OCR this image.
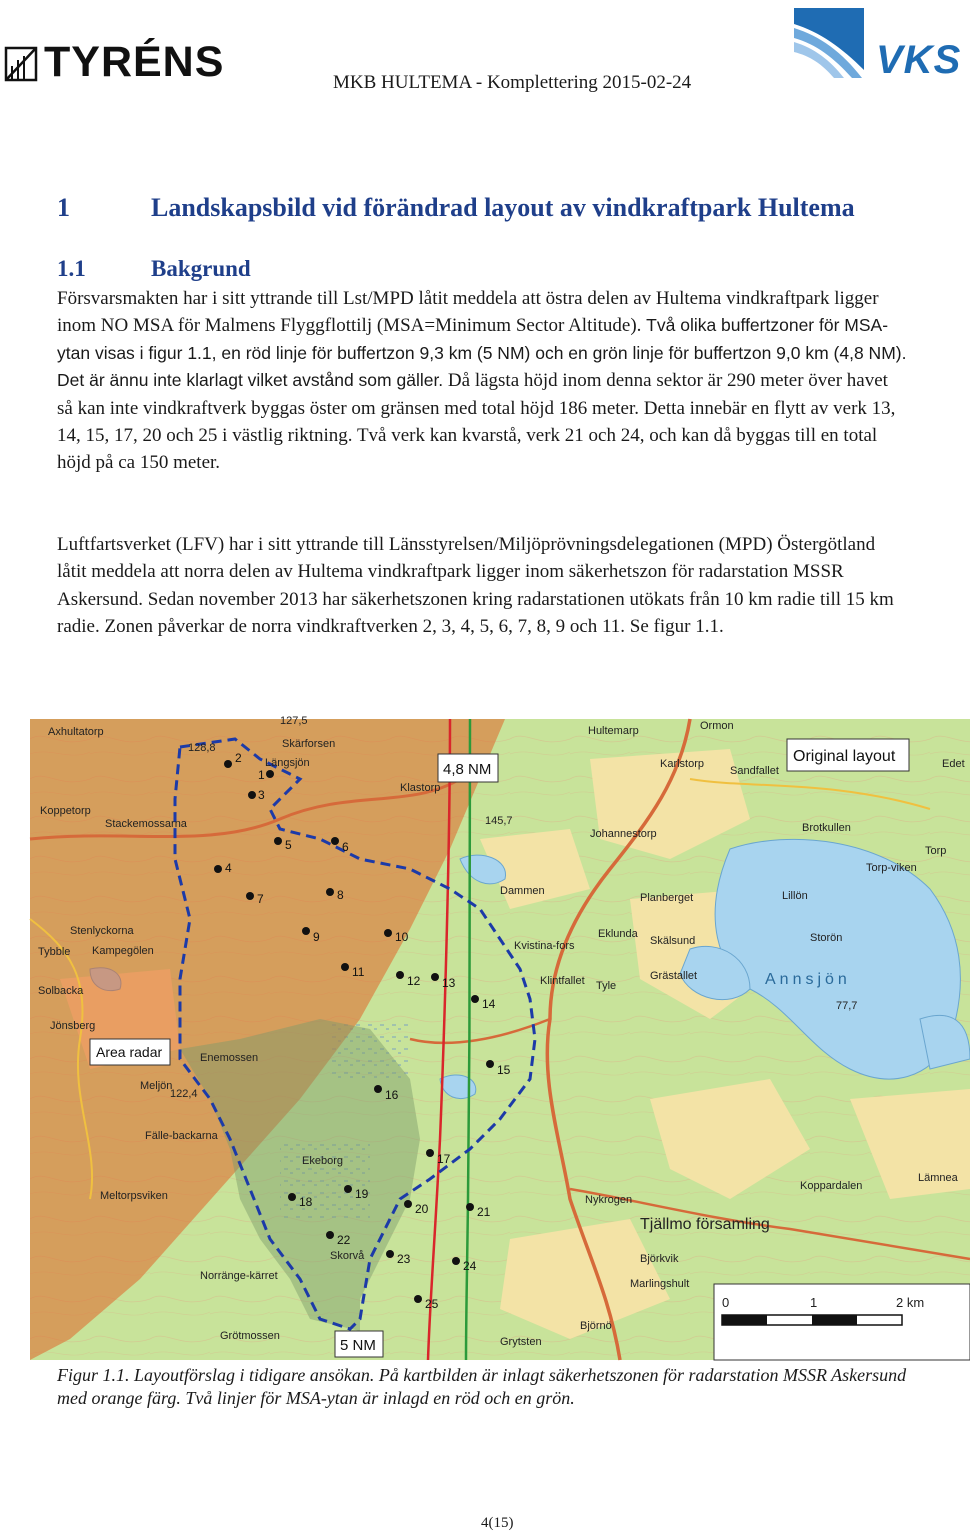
TYRÉNS	VKS
MKB HULTEMA - Komplettering 2015-02-24
1	Landskapsbild vid förändrad layout av vindkraftpark Hultema
1.1	Bakgrund

Försvarsmakten har i sitt yttrande till Lst/MPD låtit meddela att östra delen av Hultema vindkraftpark ligger inom NO MSA för Malmens Flyggflottilj (MSA=Minimum Sector Altitude). Två olika buffertzoner för MSA-ytan visas i figur 1.1, en röd linje för buffertzon 9,3 km (5 NM) och en grön linje för buffertzon 9,0 km (4,8 NM). Det är ännu inte klarlagt vilket avstånd som gäller. Då lägsta höjd inom denna sektor är 290 meter över havet så kan inte vindkraftverk byggas öster om gränsen med total höjd 186 meter. Detta innebär en flytt av verk 13, 14, 15, 17, 20 och 25 i västlig riktning. Två verk kan kvarstå, verk 21 och 24, och kan då byggas till en total höjd på ca 150 meter.

Luftfartsverket (LFV) har i sitt yttrande till Länsstyrelsen/Miljöprövningsdelegationen (MPD) Östergötland låtit meddela att norra delen av Hultema vindkraftpark ligger inom säkerhetszon för radarstation MSSR Askersund. Sedan november 2013 har säkerhetszonen kring radarstationen utökats från 10 km radie till 15 km radie. Zonen påverkar de norra vindkraftverken 2, 3, 4, 5, 6, 7, 8, 9 och 11. Se figur 1.1.

1
2
3
4
5	6
7	8
9	10
11
12 13
14
15
16
17
18
19
20	21
22
23	24
25
Axhultatorp
Skärforsen
Längsjön
Klastorp
Koppetorp
Stackemossarna
Hultemarp
Sandfallet
Karlstorp
Ormon
Edet
Johannestorp	Brotkullen
Torp
Torp-viken
Planberget
Dammen
Eklunda
Skälsund
Lillön
Storön
Tybble
Stenlyckorna
Kampegölen
Solbacka
Jönsberg
Kvistina-fors
Klintfallet Tyle
Grästallet	Annsjön
Enemossen
Meljön
Fälle-backarna
Meltorpsviken
Tjällmo församling
Nykrogen
Koppardalen
Lämnea
Björkvik
Marlingshult
Björnö
Grytsten
Norränge-kärret
Grötmossen
Ekeborg
Skorvå
128,8
127,5
145,7
122,4
77,7
Original layout
4,8 NM
5 NM
Area radar
0	1	2 km

Figur 1.1. Layoutförslag i tidigare ansökan. På kartbilden är inlagt säkerhetszonen för radarstation MSSR Askersund med orange färg. Två linjer för MSA-ytan är inlagd en röd och en grön.

4(15)
